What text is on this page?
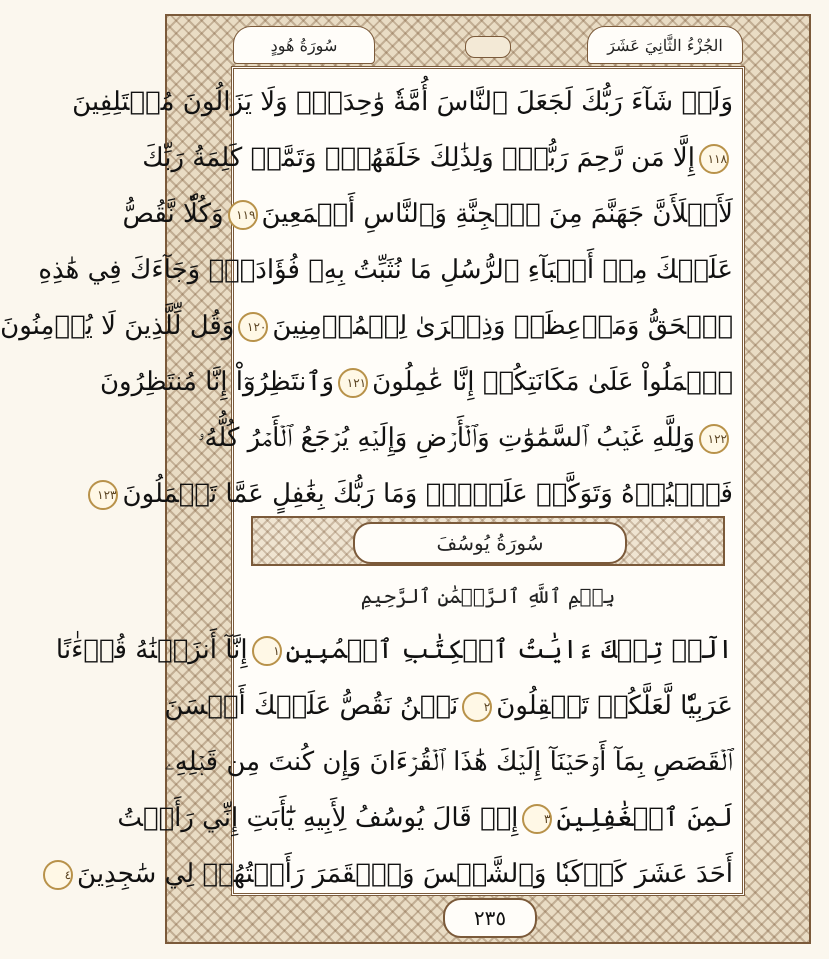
الجُزْءُ الثَّانِيَ عَشَرَ
سُورَةُ هُودٍ
وَلَوۡ شَآءَ رَبُّكَ لَجَعَلَ ٱلنَّاسَ أُمَّةٗ وَٰحِدَةٗۖ وَلَا يَزَالُونَ مُخۡتَلِفِينَ
١١٨إِلَّا مَن رَّحِمَ رَبُّكَۚ وَلِذَٰلِكَ خَلَقَهُمۡۗ وَتَمَّتۡ كَلِمَةُ رَبِّكَ
لَأَمۡلَأَنَّ جَهَنَّمَ مِنَ ٱلۡجِنَّةِ وَٱلنَّاسِ أَجۡمَعِينَ١١٩وَكُلّٗا نَّقُصُّ
عَلَيۡكَ مِنۡ أَنۢبَآءِ ٱلرُّسُلِ مَا نُثَبِّتُ بِهِۦ فُؤَادَكَۚ وَجَآءَكَ فِي هَٰذِهِ
ٱلۡحَقُّ وَمَوۡعِظَةٞ وَذِكۡرَىٰ لِلۡمُؤۡمِنِينَ١٢٠وَقُل لِّلَّذِينَ لَا يُؤۡمِنُونَ
ٱعۡمَلُواْ عَلَىٰ مَكَانَتِكُمۡ إِنَّا عَٰمِلُونَ١٢١وَٱنتَظِرُوٓاْ إِنَّا مُنتَظِرُونَ
١٢٢وَلِلَّهِ غَيۡبُ ٱلسَّمَٰوَٰتِ وَٱلۡأَرۡضِ وَإِلَيۡهِ يُرۡجَعُ ٱلۡأَمۡرُ كُلُّهُۥ
فَٱعۡبُدۡهُ وَتَوَكَّلۡ عَلَيۡهِۚ وَمَا رَبُّكَ بِغَٰفِلٍ عَمَّا تَعۡمَلُونَ١٢٣
سُورَةُ يُوسُفَ
بِسۡمِ ٱللَّهِ ٱلرَّحۡمَٰنِ ٱلرَّحِيمِ
الٓرۚ تِلۡكَ ءَايَٰتُ ٱلۡكِتَٰبِ ٱلۡمُبِينِ١إِنَّآ أَنزَلۡنَٰهُ قُرۡءَٰنًا
عَرَبِيّٗا لَّعَلَّكُمۡ تَعۡقِلُونَ٢نَحۡنُ نَقُصُّ عَلَيۡكَ أَحۡسَنَ
ٱلۡقَصَصِ بِمَآ أَوۡحَيۡنَآ إِلَيۡكَ هَٰذَا ٱلۡقُرۡءَانَ وَإِن كُنتَ مِن قَبۡلِهِۦ
لَمِنَ ٱلۡغَٰفِلِينَ٣إِذۡ قَالَ يُوسُفُ لِأَبِيهِ يَٰٓأَبَتِ إِنِّي رَأَيۡتُ
أَحَدَ عَشَرَ كَوۡكَبٗا وَٱلشَّمۡسَ وَٱلۡقَمَرَ رَأَيۡتُهُمۡ لِي سَٰجِدِينَ٤
٢٣٥
